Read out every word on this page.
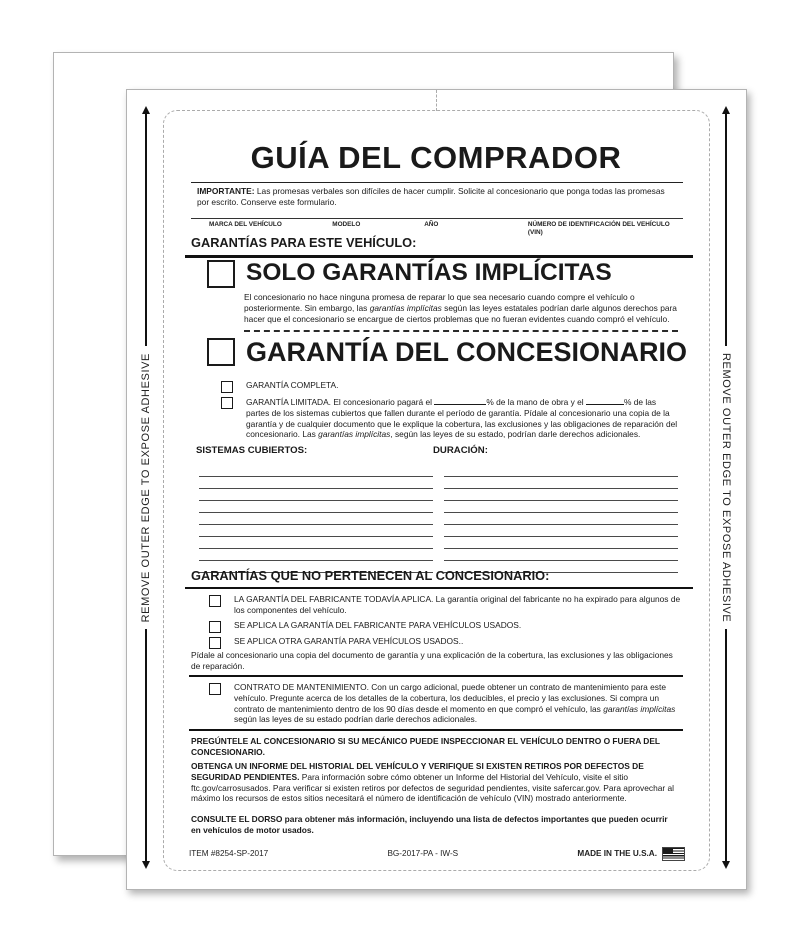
REMOVE OUTER EDGE TO EXPOSE ADHESIVE	REMOVE OUTER EDGE TO EXPOSE ADHESIVE
GUÍA DEL COMPRADOR
IMPORTANTE: Las promesas verbales son difíciles de hacer cumplir. Solicite al concesionario que ponga todas las promesas por escrito. Conserve este formulario.
MARCA DEL VEHÍCULO	MODELO	AÑO	NÚMERO DE IDENTIFICACIÓN DEL VEHÍCULO (VIN)
GARANTÍAS PARA ESTE VEHÍCULO:
SOLO GARANTÍAS IMPLÍCITAS
El concesionario no hace ninguna promesa de reparar lo que sea necesario cuando compre el vehículo o posteriormente. Sin embargo, las garantías implícitas según las leyes estatales podrían darle algunos derechos para hacer que el concesionario se encargue de ciertos problemas que no fueran evidentes cuando compró el vehículo.
GARANTÍA DEL CONCESIONARIO
GARANTÍA COMPLETA.
GARANTÍA LIMITADA. El concesionario pagará el	% de la mano de obra y el	% de las partes de los sistemas cubiertos que fallen durante el período de garantía. Pídale al concesionario una copia de la garantía y de cualquier documento que le explique la cobertura, las exclusiones y las obligaciones de reparación del concesionario. Las garantías implícitas, según las leyes de su estado, podrían darle derechos adicionales.
SISTEMAS CUBIERTOS:	DURACIÓN:
GARANTÍAS QUE NO PERTENECEN AL CONCESIONARIO:
LA GARANTÍA DEL FABRICANTE TODAVÍA APLICA. La garantía original del fabricante no ha expirado para algunos de los componentes del vehículo.
SE APLICA LA GARANTÍA DEL FABRICANTE PARA VEHÍCULOS USADOS.
SE APLICA OTRA GARANTÍA PARA VEHÍCULOS USADOS..
Pídale al concesionario una copia del documento de garantía y una explicación de la cobertura, las exclusiones y las obligaciones de reparación.
CONTRATO DE MANTENIMIENTO. Con un cargo adicional, puede obtener un contrato de mantenimiento para este vehículo. Pregunte acerca de los detalles de la cobertura, los deducibles, el precio y las exclusiones. Si compra un contrato de mantenimiento dentro de los 90 días desde el momento en que compró el vehículo, las garantías implícitas según las leyes de su estado podrían darle derechos adicionales.
PREGÚNTELE AL CONCESIONARIO SI SU MECÁNICO PUEDE INSPECCIONAR EL VEHÍCULO DENTRO O FUERA DEL CONCESIONARIO.
OBTENGA UN INFORME DEL HISTORIAL DEL VEHÍCULO Y VERIFIQUE SI EXISTEN RETIROS POR DEFECTOS DE SEGURIDAD PENDIENTES. Para información sobre cómo obtener un Informe del Historial del Vehículo, visite el sitio ftc.gov/carrosusados. Para verificar si existen retiros por defectos de seguridad pendientes, visite safercar.gov. Para aprovechar al máximo los recursos de estos sitios necesitará el número de identificación de vehículo (VIN) mostrado anteriormente.
CONSULTE EL DORSO para obtener más información, incluyendo una lista de defectos importantes que pueden ocurrir en vehículos de motor usados.
ITEM #8254-SP-2017	BG-2017-PA - IW-S	MADE IN THE U.S.A.
